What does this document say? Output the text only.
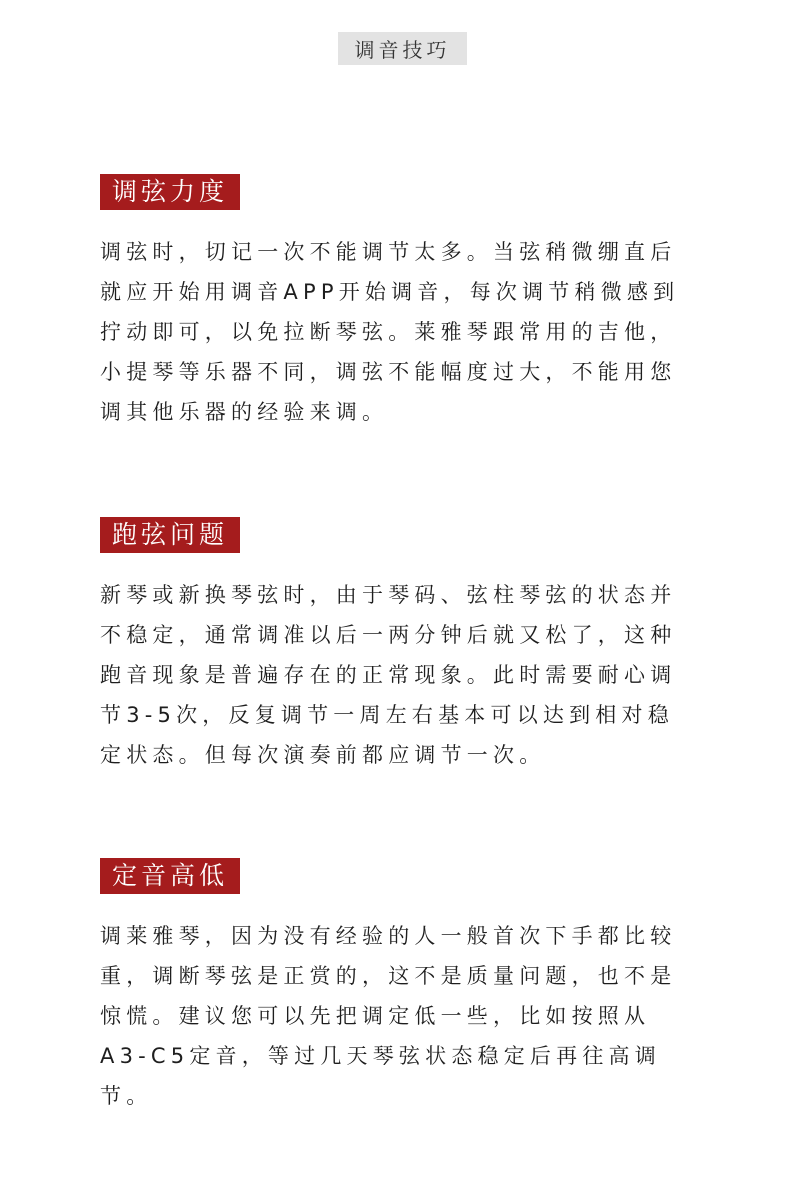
调音技巧
调弦力度

调弦时，切记一次不能调节太多。当弦稍微绷直后就应开始用调音APP开始调音，每次调节稍微感到拧动即可，以免拉断琴弦。莱雅琴跟常用的吉他，小提琴等乐器不同，调弦不能幅度过大，不能用您调其他乐器的经验来调。

跑弦问题

新琴或新换琴弦时，由于琴码、弦柱琴弦的状态并不稳定，通常调准以后一两分钟后就又松了，这种跑音现象是普遍存在的正常现象。此时需要耐心调节3-5次，反复调节一周左右基本可以达到相对稳定状态。但每次演奏前都应调节一次。

定音高低

调莱雅琴，因为没有经验的人一般首次下手都比较重，调断琴弦是正赏的，这不是质量问题，也不是惊慌。建议您可以先把调定低一些，比如按照从A3-C5定音，等过几天琴弦状态稳定后再往高调节。
